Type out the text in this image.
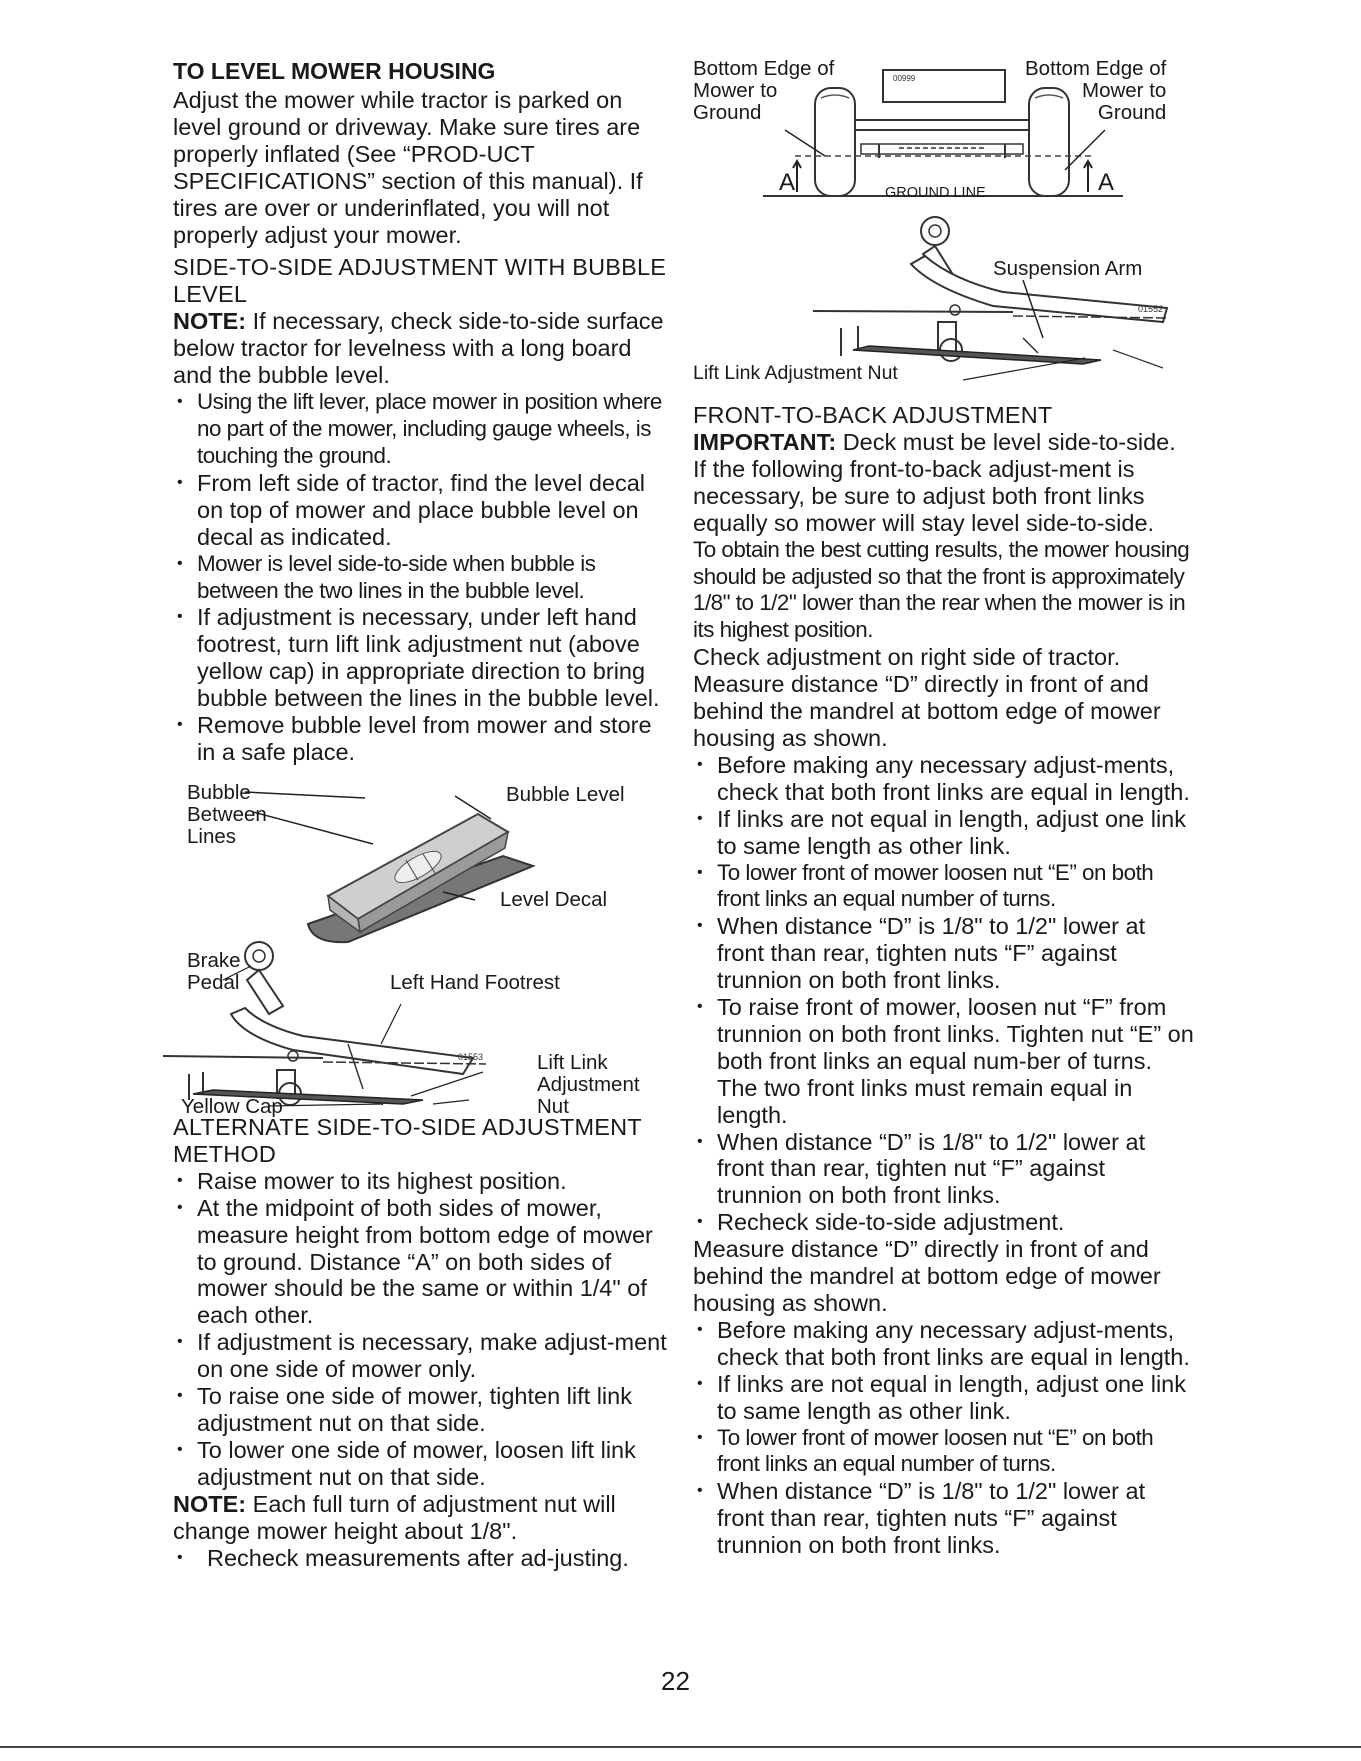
TO LEVEL MOWER HOUSING

Adjust the mower while tractor is parked on level ground or driveway. Make sure tires are properly inflated (See “PROD-UCT SPECIFICATIONS” section of this manual). If tires are over or underinflated, you will not properly adjust your mower.

SIDE-TO-SIDE ADJUSTMENT WITH BUBBLE LEVEL

NOTE: If necessary, check side-to-side surface below tractor for levelness with a long board and the bubble level.

• Using the lift lever, place mower in position where no part of the mower, including gauge wheels, is touching the ground.
• From left side of tractor, find the level decal on top of mower and place bubble level on decal as indicated.
• Mower is level side-to-side when bubble is between the two lines in the bubble level.
• If adjustment is necessary, under left hand footrest, turn lift link adjustment nut (above yellow cap) in appropriate direction to bring bubble between the lines in the bubble level.
• Remove bubble level from mower and store in a safe place.
01553
Bubble
Between
Lines
Bubble Level
Level Decal
Brake
Pedal	Left Hand Footrest
Lift Link
Adjustment
Nut
Yellow Cap

ALTERNATE SIDE-TO-SIDE ADJUSTMENT METHOD

• Raise mower to its highest position.
• At the midpoint of both sides of mower, measure height from bottom edge of mower to ground. Distance “A” on both sides of mower should be the same or within 1/4" of each other.
• If adjustment is necessary, make adjust-ment on one side of mower only.
• To raise one side of mower, tighten lift link adjustment nut on that side.
• To lower one side of mower, loosen lift link adjustment nut on that side.

NOTE: Each full turn of adjustment nut will change mower height about 1/8".

• Recheck measurements after ad-justing.
00999
Bottom Edge of
Mower to
Ground
Bottom Edge of
Mower to
Ground
GROUND LINE
A	A
01552
Suspension Arm
Lift Link Adjustment Nut

FRONT-TO-BACK ADJUSTMENT

IMPORTANT: Deck must be level side-to-side. If the following front-to-back adjust-ment is necessary, be sure to adjust both front links equally so mower will stay level side-to-side.

To obtain the best cutting results, the mower housing should be adjusted so that the front is approximately 1/8" to 1/2" lower than the rear when the mower is in its highest position.

Check adjustment on right side of tractor. Measure distance “D” directly in front of and behind the mandrel at bottom edge of mower housing as shown.

• Before making any necessary adjust-ments, check that both front links are equal in length.
• If links are not equal in length, adjust one link to same length as other link.
• To lower front of mower loosen nut “E” on both front links an equal number of turns.
• When distance “D” is 1/8" to 1/2" lower at front than rear, tighten nuts “F” against trunnion on both front links.
• To raise front of mower, loosen nut “F” from trunnion on both front links. Tighten nut “E” on both front links an equal num-ber of turns. The two front links must remain equal in length.
• When distance “D” is 1/8" to 1/2" lower at front than rear, tighten nut “F” against trunnion on both front links.
• Recheck side-to-side adjustment.

Measure distance “D” directly in front of and behind the mandrel at bottom edge of mower housing as shown.

• Before making any necessary adjust-ments, check that both front links are equal in length.
• If links are not equal in length, adjust one link to same length as other link.
• To lower front of mower loosen nut “E” on both front links an equal number of turns.
• When distance “D” is 1/8" to 1/2" lower at front than rear, tighten nuts “F” against trunnion on both front links.
22
